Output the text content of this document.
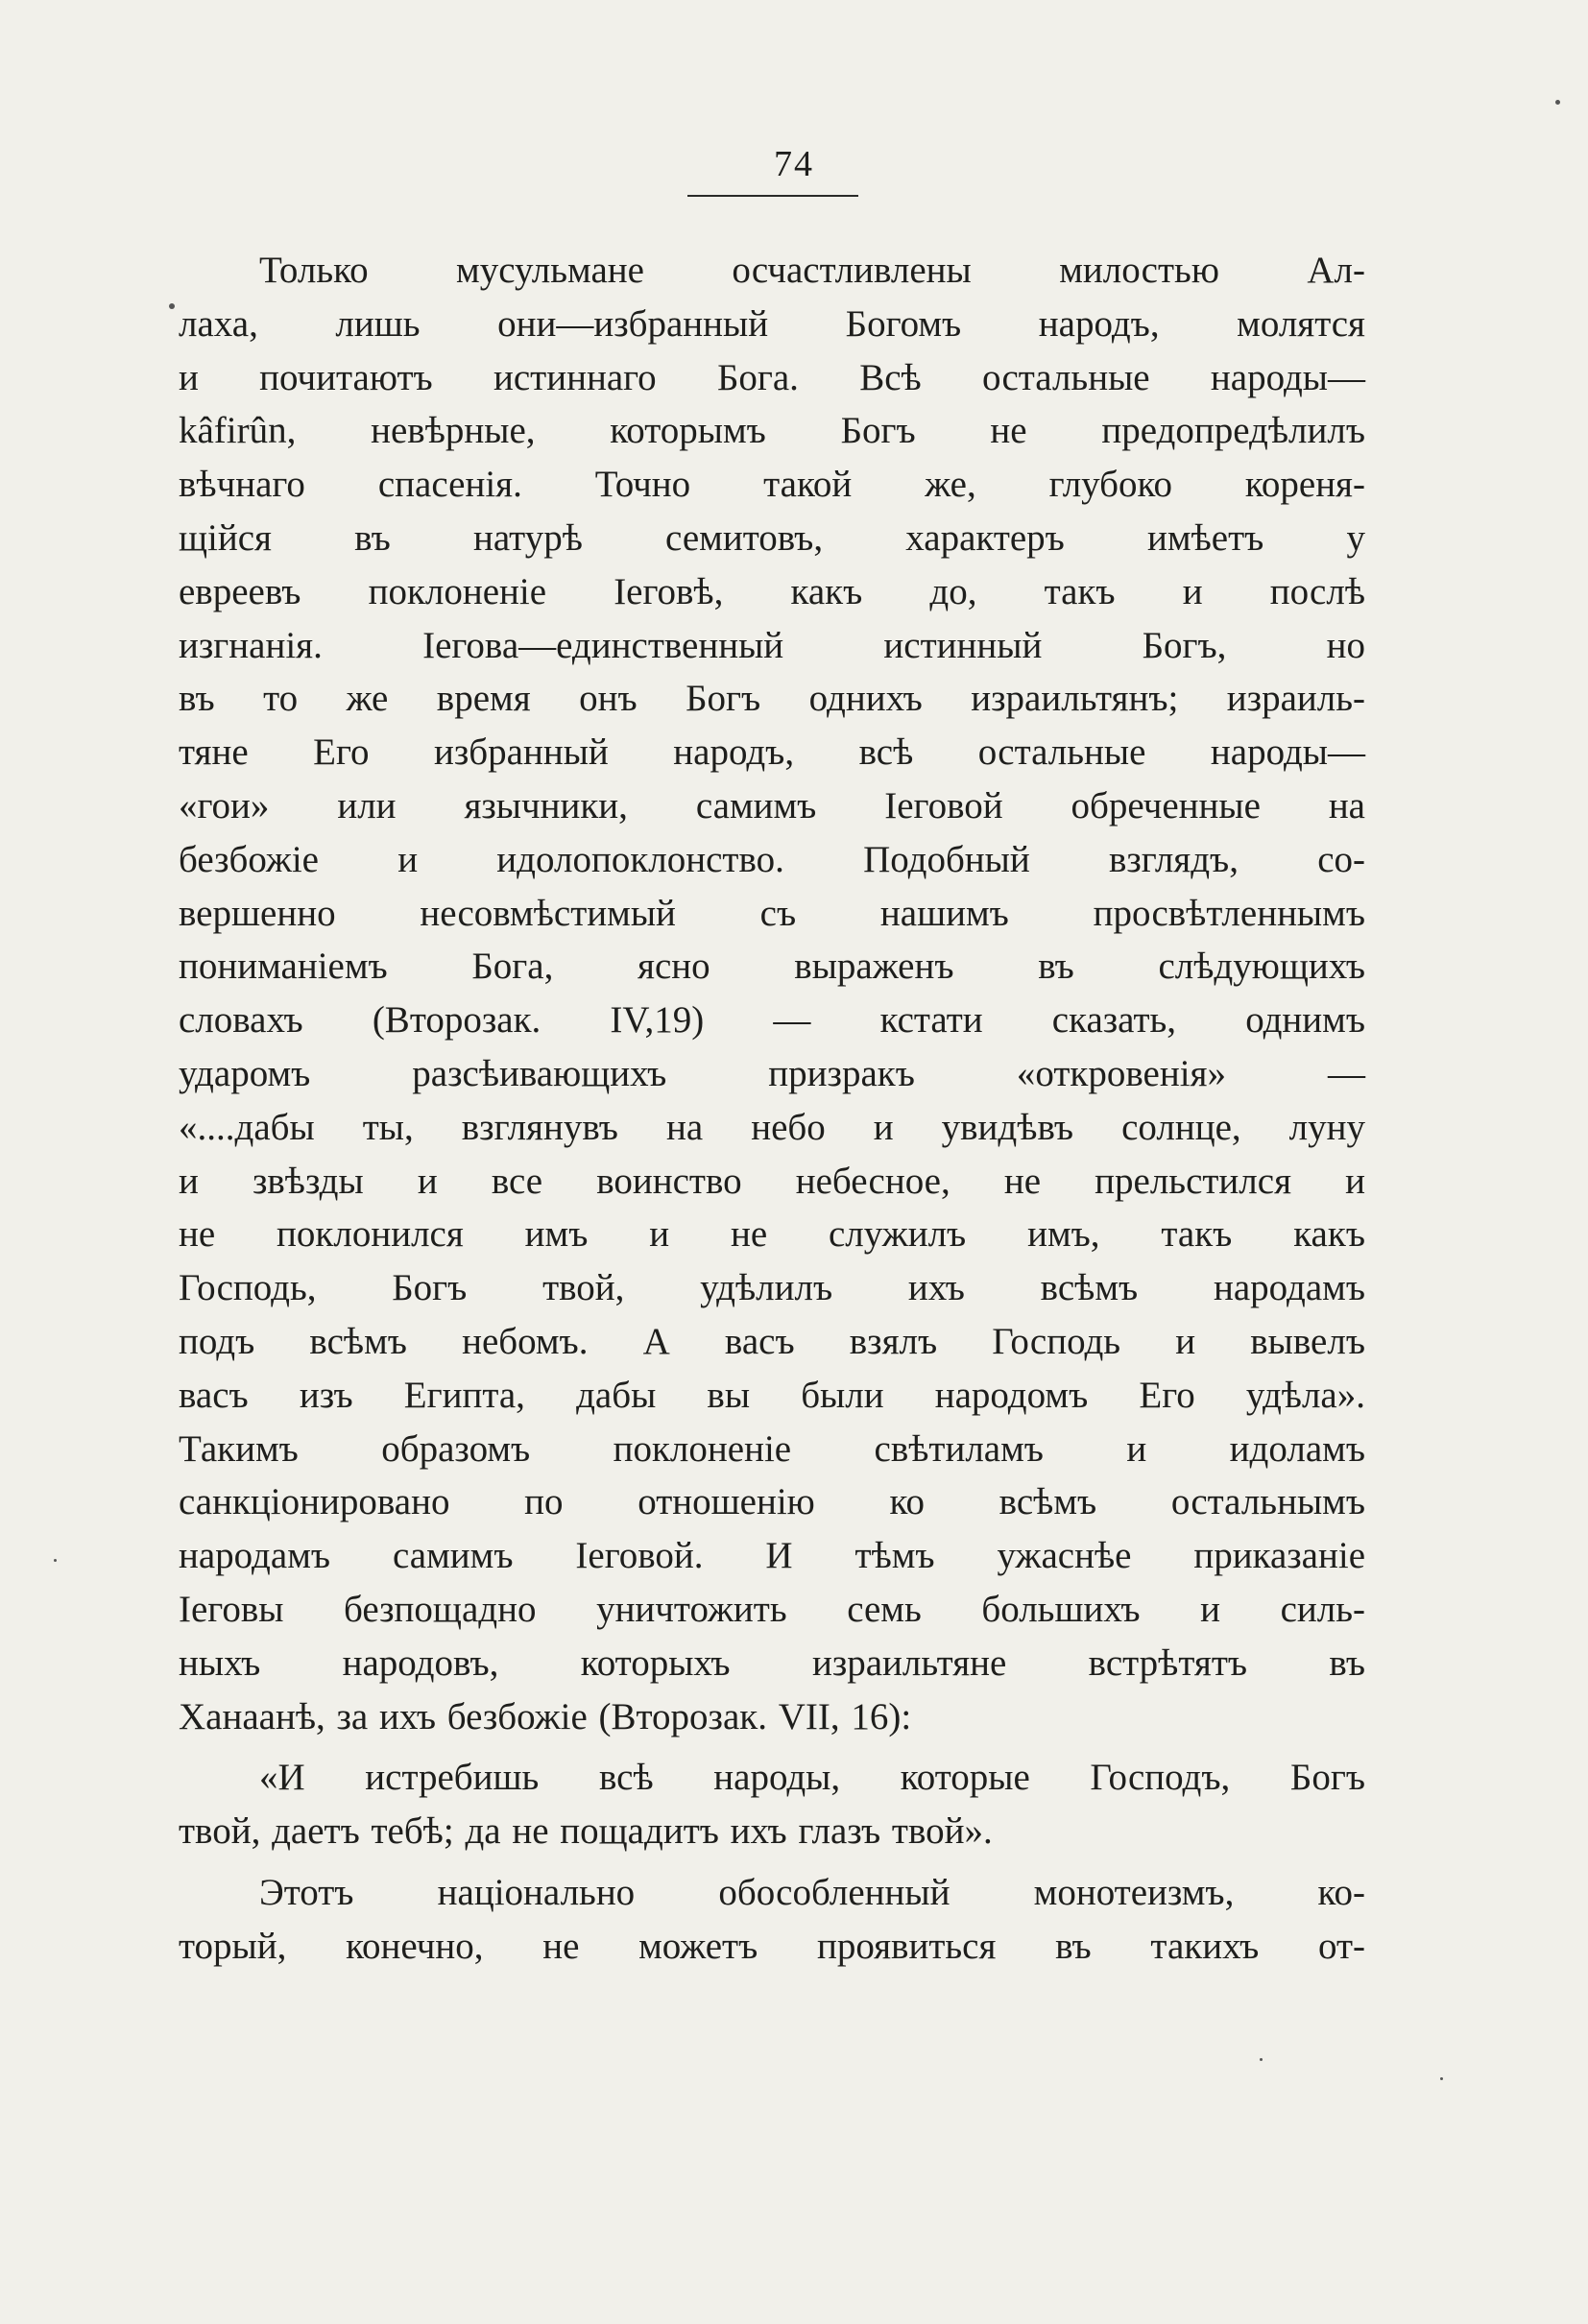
74
Только мусульмане осчастливлены милостью Ал-
лаха, лишь они—избранный Богомъ народъ, молятся
и почитаютъ истиннаго Бога. Всѣ остальные народы—
kâfirûn, невѣрные, которымъ Богъ не предопредѣлилъ
вѣчнаго спасенія. Точно такой же, глубоко кореня-
щійся въ натурѣ семитовъ, характеръ имѣетъ у
евреевъ поклоненіе Іеговѣ, какъ до, такъ и послѣ
изгнанія. Іегова—единственный истинный Богъ, но
въ то же время онъ Богъ однихъ израильтянъ; израиль-
тяне Его избранный народъ, всѣ остальные народы—
«гои» или язычники, самимъ Іеговой обреченные на
безбожіе и идолопоклонство. Подобный взглядъ, со-
вершенно несовмѣстимый съ нашимъ просвѣтленнымъ
пониманіемъ Бога, ясно выраженъ въ слѣдующихъ
словахъ (Второзак. IV,19) — кстати сказать, однимъ
ударомъ разсѣивающихъ призракъ «откровенія» —
«....дабы ты, взглянувъ на небо и увидѣвъ солнце, луну
и звѣзды и все воинство небесное, не прельстился и
не поклонился имъ и не служилъ имъ, такъ какъ
Господь, Богъ твой, удѣлилъ ихъ всѣмъ народамъ
подъ всѣмъ небомъ. А васъ взялъ Господь и вывелъ
васъ изъ Египта, дабы вы были народомъ Его удѣла».
Такимъ образомъ поклоненіе свѣтиламъ и идоламъ
санкціонировано по отношенію ко всѣмъ остальнымъ
народамъ самимъ Іеговой. И тѣмъ ужаснѣе приказаніе
Іеговы безпощадно уничтожить семь большихъ и силь-
ныхъ народовъ, которыхъ израильтяне встрѣтятъ въ
Ханаанѣ, за ихъ безбожіе (Второзак. VII, 16):
«И истребишь всѣ народы, которые Господъ, Богъ
твой, даетъ тебѣ; да не пощадитъ ихъ глазъ твой».
Этотъ національно обособленный монотеизмъ, ко-
торый, конечно, не можетъ проявиться въ такихъ от-
